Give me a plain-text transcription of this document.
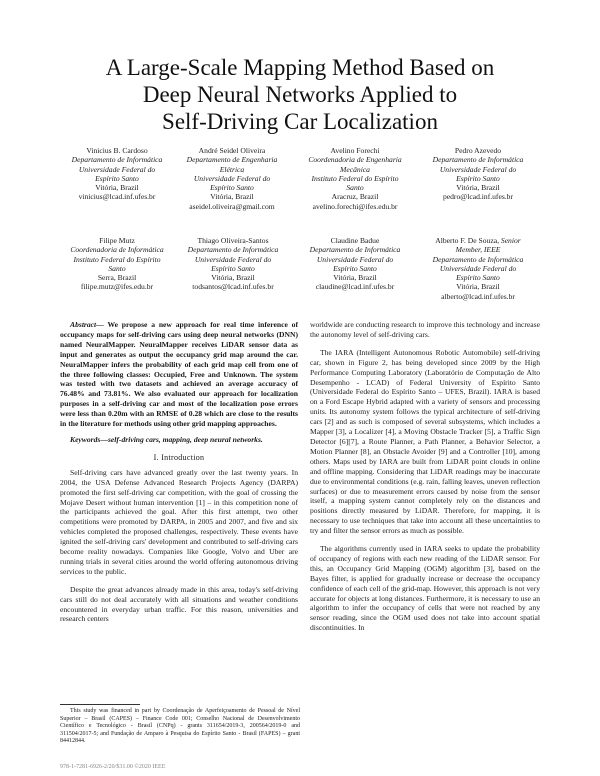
A Large-Scale Mapping Method Based on
Deep Neural Networks Applied to
Self-Driving Car Localization
Vinicius B. Cardoso
Departamento de Informática
Universidade Federal do
Espírito Santo
Vitória, Brazil
vinicius@lcad.inf.ufes.br
André Seidel Oliveira
Departamento de Engenharia
Elétrica
Universidade Federal do
Espírito Santo
Vitória, Brazil
aseidel.oliveira@gmail.com
Avelino Forechi
Coordenadoria de Engenharia
Mecânica
Instituto Federal do Espírito
Santo
Aracruz, Brazil
avelino.forechi@ifes.edu.br
Pedro Azevedo
Departamento de Informática
Universidade Federal do
Espírito Santo
Vitória, Brazil
pedro@lcad.inf.ufes.br
Filipe Mutz
Coordenadoria de Informática
Instituto Federal do Espírito
Santo
Serra, Brazil
filipe.mutz@ifes.edu.br
Thiago Oliveira-Santos
Departamento de Informática
Universidade Federal do
Espírito Santo
Vitória, Brazil
todsantos@lcad.inf.ufes.br
Claudine Badue
Departamento de Informática
Universidade Federal do
Espírito Santo
Vitória, Brazil
claudine@lcad.inf.ufes.br
Alberto F. De Souza, Senior
Member, IEEE
Departamento de Informática
Universidade Federal do
Espírito Santo
Vitória, Brazil
alberto@lcad.inf.ufes.br

Abstract— We propose a new approach for real time inference of occupancy maps for self-driving cars using deep neural networks (DNN) named NeuralMapper. NeuralMapper receives LiDAR sensor data as input and generates as output the occupancy grid map around the car. NeuralMapper infers the probability of each grid map cell from one of the three following classes: Occupied, Free and Unknown. The system was tested with two datasets and achieved an average accuracy of 76.48% and 73.81%. We also evaluated our approach for localization purposes in a self-driving car and most of the localization pose errors were less than 0.20m with an RMSE of 0.28 which are close to the results in the literature for methods using other grid mapping approaches.

Keywords—self-driving cars, mapping, deep neural networks.

I. Introduction

Self-driving cars have advanced greatly over the last twenty years. In 2004, the USA Defense Advanced Research Projects Agency (DARPA) promoted the first self-driving car competition, with the goal of crossing the Mojave Desert without human intervention [1] – in this competition none of the participants achieved the goal. After this first attempt, two other competitions were promoted by DARPA, in 2005 and 2007, and five and six vehicles completed the proposed challenges, respectively. These events have ignited the self-driving cars' development and contributed to self-driving cars become reality nowadays. Companies like Google, Volvo and Uber are running trials in several cities around the world offering autonomous driving services to the public.

Despite the great advances already made in this area, today's self-driving cars still do not deal accurately with all situations and weather conditions encountered in everyday urban traffic. For this reason, universities and research centers

worldwide are conducting research to improve this technology and increase the autonomy level of self-driving cars.

The IARA (Intelligent Autonomous Robotic Automobile) self-driving car, shown in Figure 2, has being developed since 2009 by the High Performance Computing Laboratory (Laboratório de Computação de Alto Desempenho - LCAD) of Federal University of Espírito Santo (Universidade Federal do Espírito Santo – UFES, Brazil). IARA is based on a Ford Escape Hybrid adapted with a variety of sensors and processing units. Its autonomy system follows the typical architecture of self-driving cars [2] and as such is composed of several subsystems, which includes a Mapper [3], a Localizer [4], a Moving Obstacle Tracker [5], a Traffic Sign Detector [6][7], a Route Planner, a Path Planner, a Behavior Selector, a Motion Planner [8], an Obstacle Avoider [9] and a Controller [10], among others. Maps used by IARA are built from LiDAR point clouds in online and offline mapping. Considering that LiDAR readings may be inaccurate due to environmental conditions (e.g. rain, falling leaves, uneven reflection surfaces) or due to measurement errors caused by noise from the sensor itself, a mapping system cannot completely rely on the distances and positions directly measured by LiDAR. Therefore, for mapping, it is necessary to use techniques that take into account all these uncertainties to try and filter the sensor errors as much as possible.

The algorithms currently used in IARA seeks to update the probability of occupancy of regions with each new reading of the LiDAR sensor. For this, an Occupancy Grid Mapping (OGM) algorithm [3], based on the Bayes filter, is applied for gradually increase or decrease the occupancy confidence of each cell of the grid-map. However, this approach is not very accurate for objects at long distances. Furthermore, it is necessary to use an algorithm to infer the occupancy of cells that were not reached by any sensor reading, since the OGM used does not take into account spatial discontinuities. In

This study was financed in part by Coordenação de Aperfeiçoamento de Pessoal de Nível Superior – Brasil (CAPES) – Finance Code 001; Conselho Nacional de Desenvolvimento Científico e Tecnológico - Brasil (CNPq) - grants 311654/2019-3, 200564/2019-0 and 311504/2017-5; and Fundação de Amparo à Pesquisa do Espírito Santo - Brasil (FAPES) – grant 84412844.
978-1-7281-6926-2/20/$31.00 ©2020 IEEE
